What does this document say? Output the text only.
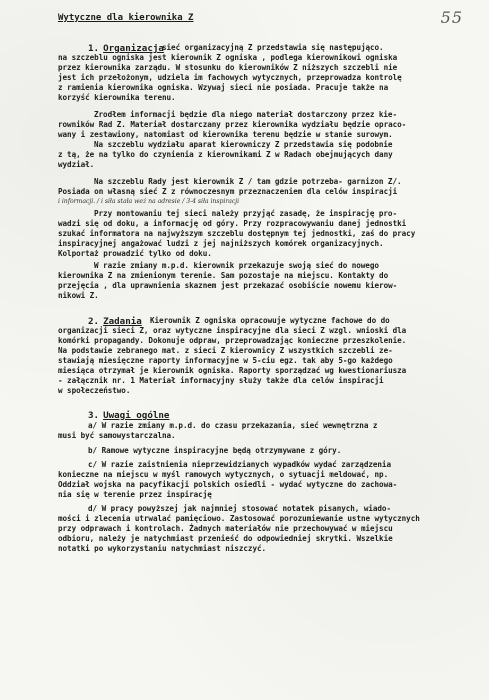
55
Wytyczne dla kierownika Z
1. Organizacja
sieć organizacyjną Z przedstawia się następująco.
na szczeblu ogniska jest kierownik Z ogniska , podlega kierownikowi ogniska
przez kierownika zarządu. W stosunku do kierowników Z niższych szczebli nie
jest ich przełożonym, udziela im fachowych wytycznych, przeprowadza kontrolę
z ramienia kierownika ogniska. Wzywaj sieci nie posiada. Pracuje także na
korzyść kierownika terenu.
Zrodłem informacji będzie dla niego materiał dostarczony przez kie-
rowników Rad Z. Materiał dostarczany przez kierownika wydziału będzie opraco-
wany i zestawiony, natomiast od kierownika terenu będzie w stanie surowym.
Na szczeblu wydziału aparat kierowniczy Z przedstawia się podobnie
z tą, że na tylko do czynienia z kierownikami Z w Radach obejmujących dany
wydział.
Na szczeblu Rady jest kierownik Z / tam gdzie potrzeba- garnizon Z/.
Posiada on własną sieć Z z równoczesnym przeznaczeniem dla celów inspiracji
i informacji. / i siła stała weź na adresie / 3-4 siła inspiracji
Przy montowaniu tej sieci należy przyjąć zasadę, że inspirację pro-
wadzi się od doku, a informację od góry. Przy rozpracowywaniu danej jednostki
szukać informatora na najwyższym szczeblu dostępnym tej jednostki, zaś do pracy
inspiracyjnej angażować ludzi z jej najniższych komórek organizacyjnych.
Kolportaż prowadzić tylko od doku.
W razie zmiany m.p.d. kierownik przekazuje swoją sieć do nowego
kierownika Z na zmienionym terenie. Sam pozostaje na miejscu. Kontakty do
przejęcia , dla uprawnienia skaznem jest przekazać osobiście nowemu kierow-
nikowi Z.
2. Zadania Kierownik Z ogniska opracowuje wytyczne fachowe do do
organizacji sieci Z, oraz wytyczne inspiracyjne dla sieci Z wzgl. wnioski dla
komórki propagandy. Dokonuje odpraw, przeprowadzając konieczne przeszkolenie.
Na podstawie zebranego mat. z sieci Z kierownicy Z wszystkich szczebli ze-
stawiają miesięczne raporty informacyjne w 5-ciu egz. tak aby 5-go każdego
miesiąca otrzymał je kierownik ogniska. Raporty sporządzać wg kwestionariusza
- załącznik nr. 1 Materiał informacyjny służy także dla celów inspiracji
w społeczeństwo.
3. Uwagi ogólne
a/ W razie zmiany m.p.d. do czasu przekazania, sieć wewnętrzna z
musi być samowystarczalna.
b/ Ramowe wytyczne inspiracyjne będą otrzymywane z góry.
c/ W razie zaistnienia nieprzewidzianych wypadków wydać zarządzenia
konieczne na miejscu w myśl ramowych wytycznych, o sytuacji meldować, np.
Oddział wojska na pacyfikacji polskich osiedli - wydać wytyczne do zachowa-
nia się w terenie przez inspirację
d/ W pracy powyższej jak najmniej stosować notatek pisanych, wiado-
mości i zlecenia utrwalać pamięciowo. Zastosować porozumiewanie ustne wytycznych
przy odprawach i kontrolach. Żadnych materiałów nie przechowywać w miejscu
odbioru, należy je natychmiast przenieść do odpowiedniej skrytki. Wszelkie
notatki po wykorzystaniu natychmiast niszczyć.
